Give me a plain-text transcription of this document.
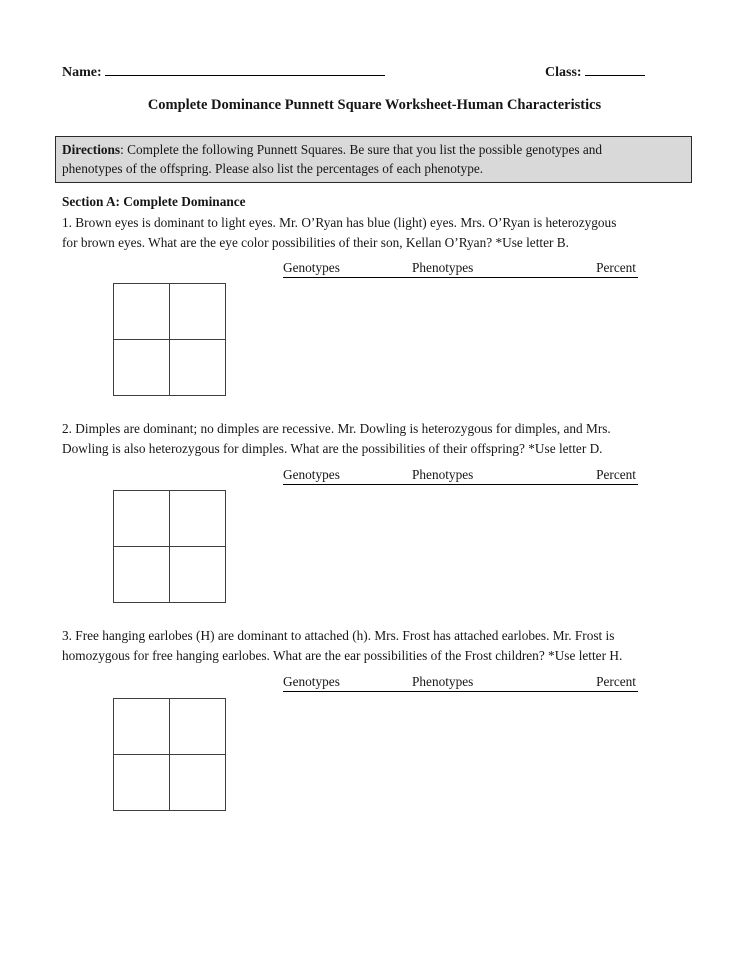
Name:	Class:
Complete Dominance Punnett Square Worksheet-Human Characteristics
Directions: Complete the following Punnett Squares. Be sure that you list the possible genotypes and
phenotypes of the offspring. Please also list the percentages of each phenotype.
Section A: Complete Dominance
1. Brown eyes is dominant to light eyes. Mr. O’Ryan has blue (light) eyes. Mrs. O’Ryan is heterozygous
for brown eyes. What are the eye color possibilities of their son, Kellan O’Ryan? *Use letter B.
Genotypes	Phenotypes	Percent
2. Dimples are dominant; no dimples are recessive. Mr. Dowling is heterozygous for dimples, and Mrs.
Dowling is also heterozygous for dimples. What are the possibilities of their offspring? *Use letter D.
Genotypes	Phenotypes	Percent
3. Free hanging earlobes (H) are dominant to attached (h). Mrs. Frost has attached earlobes. Mr. Frost is
homozygous for free hanging earlobes. What are the ear possibilities of the Frost children? *Use letter H.
Genotypes	Phenotypes	Percent
